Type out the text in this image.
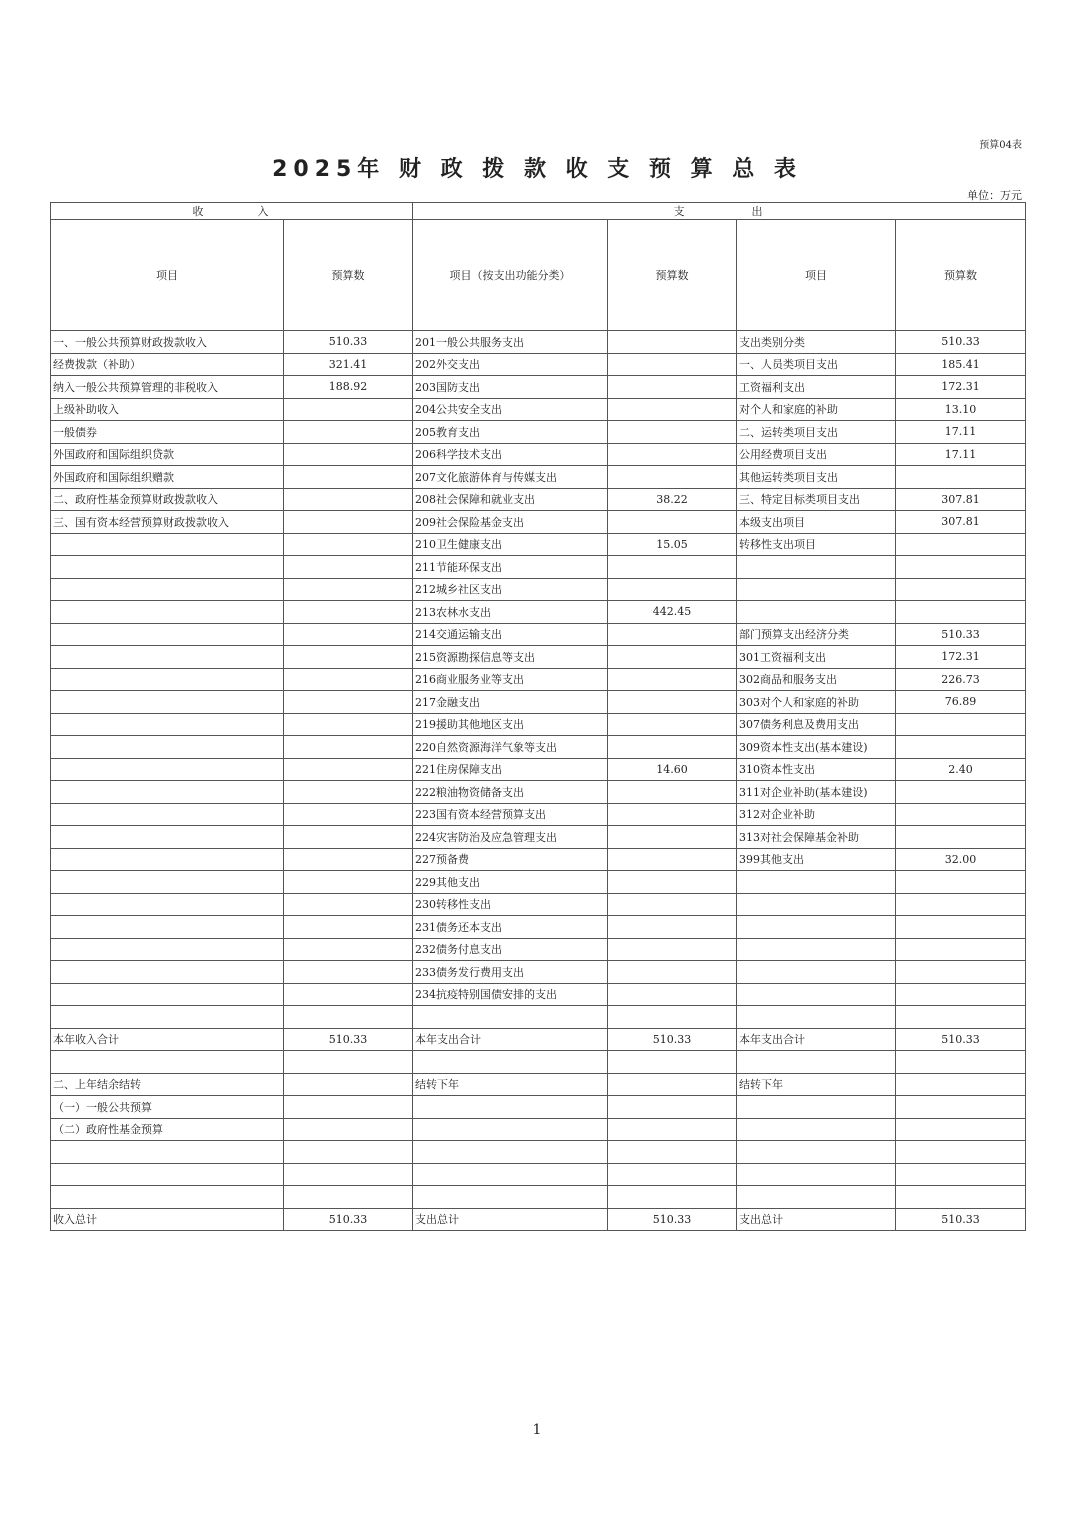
预算04表
2025年 财 政 拨 款 收 支 预 算 总 表
单位：万元
收　　　　入		支　　　　　出			
项目	预算数	项目（按支出功能分类）	预算数	项目	预算数
一、一般公共预算财政拨款收入	510.33	201一般公共服务支出		支出类别分类	510.33
经费拨款（补助）	321.41	202外交支出		一、人员类项目支出	185.41
纳入一般公共预算管理的非税收入	188.92	203国防支出		工资福利支出	172.31
上级补助收入		204公共安全支出		对个人和家庭的补助	13.10
一般债券		205教育支出		二、运转类项目支出	17.11
外国政府和国际组织贷款		206科学技术支出		公用经费项目支出	17.11
外国政府和国际组织赠款		207文化旅游体育与传媒支出		其他运转类项目支出	
二、政府性基金预算财政拨款收入		208社会保障和就业支出	38.22	三、特定目标类项目支出	307.81
三、国有资本经营预算财政拨款收入		209社会保险基金支出		本级支出项目	307.81
		210卫生健康支出	15.05	转移性支出项目	
		211节能环保支出			
		212城乡社区支出			
		213农林水支出	442.45		
		214交通运输支出		部门预算支出经济分类	510.33
		215资源勘探信息等支出		301工资福利支出	172.31
		216商业服务业等支出		302商品和服务支出	226.73
		217金融支出		303对个人和家庭的补助	76.89
		219援助其他地区支出		307债务利息及费用支出	
		220自然资源海洋气象等支出		309资本性支出(基本建设)	
		221住房保障支出	14.60	310资本性支出	2.40
		222粮油物资储备支出		311对企业补助(基本建设)	
		223国有资本经营预算支出		312对企业补助	
		224灾害防治及应急管理支出		313对社会保障基金补助	
		227预备费		399其他支出	32.00
		229其他支出			
		230转移性支出			
		231债务还本支出			
		232债务付息支出			
		233债务发行费用支出			
		234抗疫特别国债安排的支出			

本年收入合计	510.33	本年支出合计	510.33	本年支出合计	510.33

二、上年结余结转		结转下年		结转下年	
（一）一般公共预算					
（二）政府性基金预算					

收入总计	510.33	支出总计	510.33	支出总计	510.33
1
